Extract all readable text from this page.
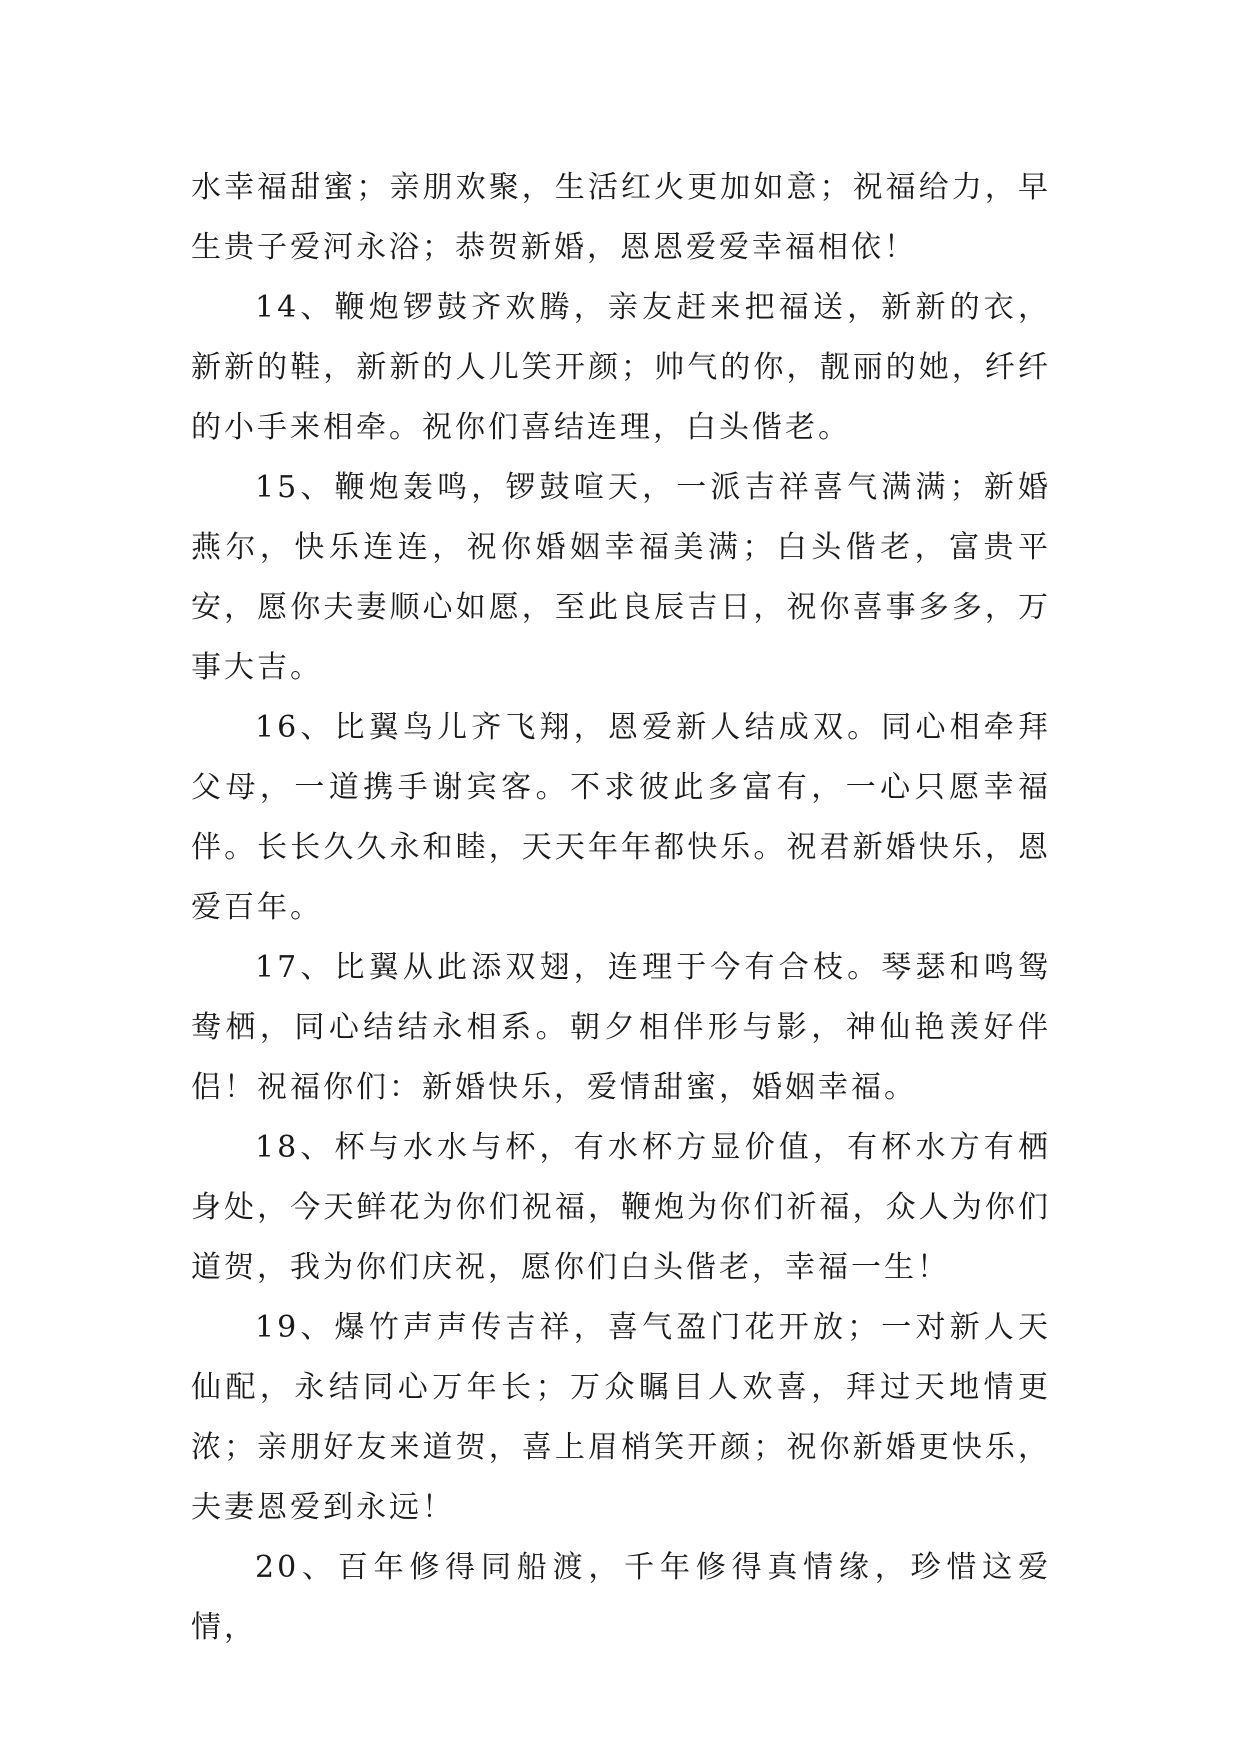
水幸福甜蜜；亲朋欢聚，生活红火更加如意；祝福给力，早生贵子爱河永浴；恭贺新婚，恩恩爱爱幸福相依！

14、鞭炮锣鼓齐欢腾，亲友赶来把福送，新新的衣，新新的鞋，新新的人儿笑开颜；帅气的你，靓丽的她，纤纤的小手来相牵。祝你们喜结连理，白头偕老。

15、鞭炮轰鸣，锣鼓喧天，一派吉祥喜气满满；新婚燕尔，快乐连连，祝你婚姻幸福美满；白头偕老，富贵平安，愿你夫妻顺心如愿，至此良辰吉日，祝你喜事多多，万事大吉。

16、比翼鸟儿齐飞翔，恩爱新人结成双。同心相牵拜父母，一道携手谢宾客。不求彼此多富有，一心只愿幸福伴。长长久久永和睦，天天年年都快乐。祝君新婚快乐，恩爱百年。

17、比翼从此添双翅，连理于今有合枝。琴瑟和鸣鸳鸯栖，同心结结永相系。朝夕相伴形与影，神仙艳羡好伴侣！祝福你们：新婚快乐，爱情甜蜜，婚姻幸福。

18、杯与水水与杯，有水杯方显价值，有杯水方有栖身处，今天鲜花为你们祝福，鞭炮为你们祈福，众人为你们道贺，我为你们庆祝，愿你们白头偕老，幸福一生！

19、爆竹声声传吉祥，喜气盈门花开放；一对新人天仙配，永结同心万年长；万众瞩目人欢喜，拜过天地情更浓；亲朋好友来道贺，喜上眉梢笑开颜；祝你新婚更快乐，夫妻恩爱到永远！

20、百年修得同船渡，千年修得真情缘，珍惜这爱情，
